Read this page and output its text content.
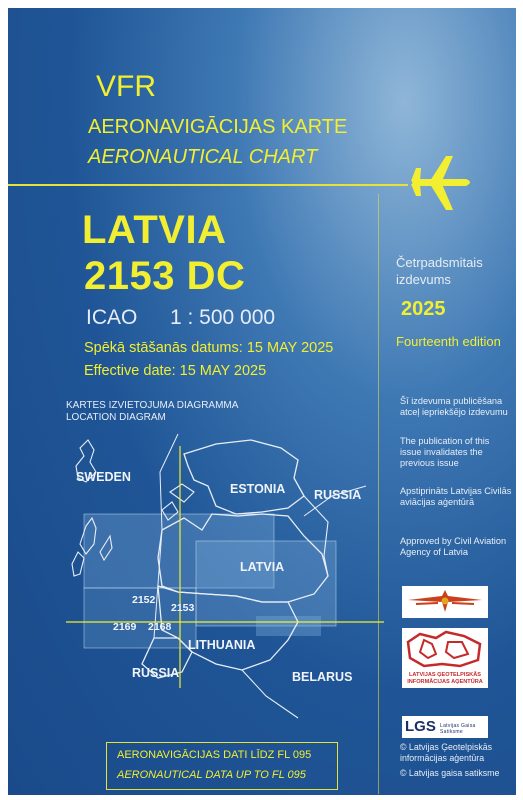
VFR
AERONAVIGĀCIJAS KARTE
AERONAUTICAL CHART
LATVIA
2153 DC
ICAO 1 : 500 000
Spēkā stāšanās datums: 15 MAY 2025
Effective date: 15 MAY 2025
Četrpadsmitais izdevums
2025
Fourteenth edition
KARTES IZVIETOJUMA DIAGRAMMA
LOCATION DIAGRAM
SWEDEN
ESTONIA RUSSIA
LATVIA
LITHUANIA
RUSSIA	BELARUS
2152
2153
2169 2168
Šī izdevuma publicēšana atceļ iepriekšējo izdevumu
The publication of this issue invalidates the previous issue
Apstiprināts Latvijas Civilās aviācijas aģentūrā
Approved by Civil Aviation Agency of Latvia
LATVIJAS ĢEOTELPISKĀS INFORMĀCIJAS AĢENTŪRA
LGS Latvijas Gaisa Satiksme
© Latvijas Ģeotelpiskās informācijas aģentūra
© Latvijas gaisa satiksme
AERONAVIGĀCIJAS DATI LĪDZ FL 095
AERONAUTICAL DATA UP TO FL 095
